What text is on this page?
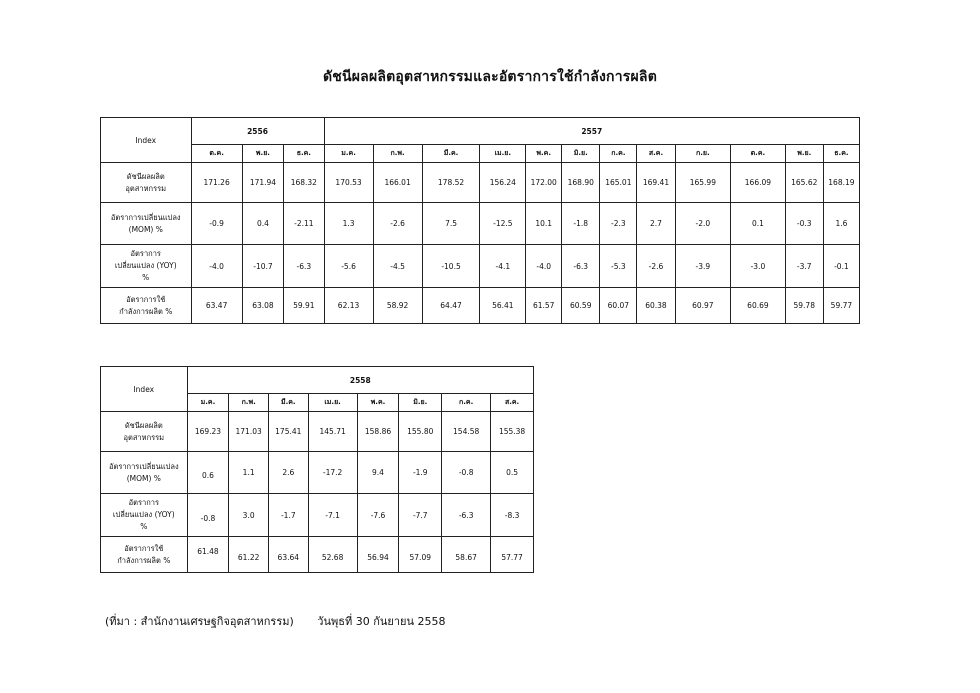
ดัชนีผลผลิตอุตสาหกรรมและอัตราการใช้กำลังการผลิต
Index	2556			2557											
	ต.ค.	พ.ย.	ธ.ค.	ม.ค.	ก.พ.	มี.ค.	เม.ย.	พ.ค.	มิ.ย.	ก.ค.	ส.ค.	ก.ย.	ต.ค.	พ.ย.	ธ.ค.
ดัชนีผลผลิต
อุตสาหกรรม	171.26	171.94	168.32	170.53	166.01	178.52	156.24	172.00	168.90	165.01	169.41	165.99	166.09	165.62	168.19
อัตราการเปลี่ยนแปลง
(MOM) %	-0.9	0.4	-2.11	1.3	-2.6	7.5	-12.5	10.1	-1.8	-2.3	2.7	-2.0	0.1	-0.3	1.6
อัตราการ
เปลี่ยนแปลง (YOY)
%	-4.0	-10.7	-6.3	-5.6	-4.5	-10.5	-4.1	-4.0	-6.3	-5.3	-2.6	-3.9	-3.0	-3.7	-0.1
อัตราการใช้
กำลังการผลิต %	63.47	63.08	59.91	62.13	58.92	64.47	56.41	61.57	60.59	60.07	60.38	60.97	60.69	59.78	59.77
Index	2558							
	ม.ค.	ก.พ.	มี.ค.	เม.ย.	พ.ค.	มิ.ย.	ก.ค.	ส.ค.
ดัชนีผลผลิต
อุตสาหกรรม	169.23	171.03	175.41	145.71	158.86	155.80	154.58	155.38
อัตราการเปลี่ยนแปลง
(MOM) %	0.6	1.1	2.6	-17.2	9.4	-1.9	-0.8	0.5
อัตราการ
เปลี่ยนแปลง (YOY)
%	-0.8	3.0	-1.7	-7.1	-7.6	-7.7	-6.3	-8.3
อัตราการใช้
กำลังการผลิต %	61.48	61.22	63.64	52.68	56.94	57.09	58.67	57.77
(ที่มา : สำนักงานเศรษฐกิจอุตสาหกรรม) วันพุธที่ 30 กันยายน 2558
